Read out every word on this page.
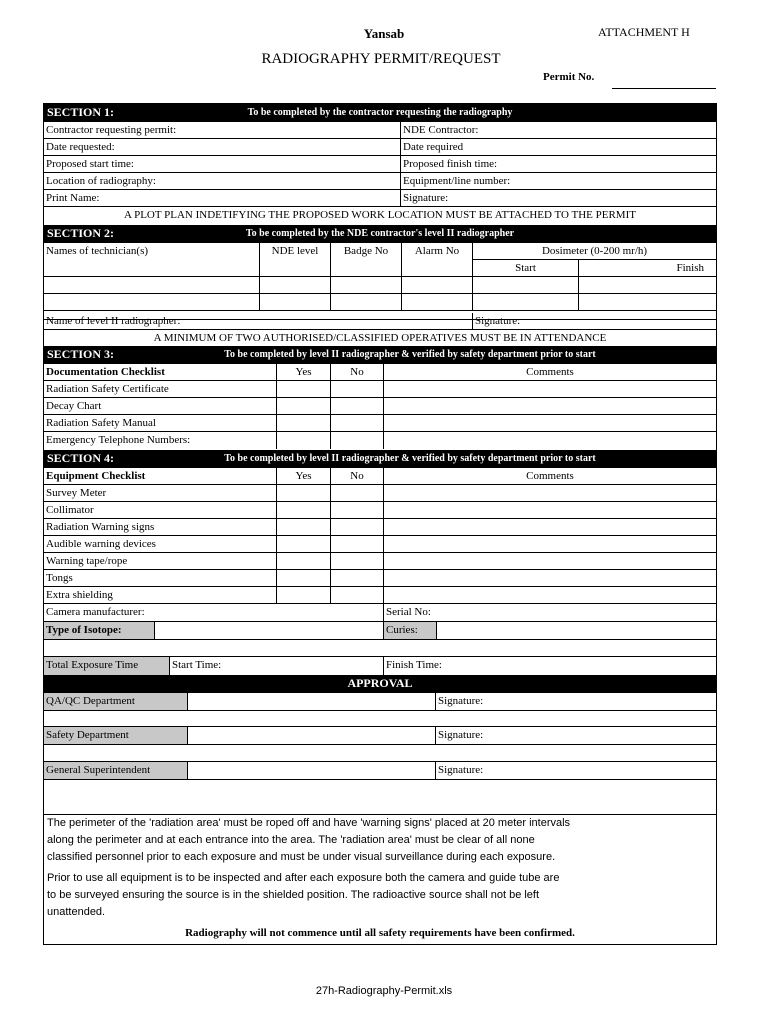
Yansab	ATTACHMENT H
RADIOGRAPHY PERMIT/REQUEST
Permit No.
To be completed by the contractor requesting the radiography
SECTION 1:
Contractor requesting permit:	NDE Contractor:
Date requested:	Date required
Proposed start time:	Proposed finish time:
Location of radiography:	Equipment/line number:
Print Name:	Signature:
A PLOT PLAN INDETIFYING THE PROPOSED WORK LOCATION MUST BE ATTACHED TO THE PERMIT
To be completed by the NDE contractor's level II radiographer
SECTION 2:
Names of technician(s)	NDE level	Badge No	Alarm No	Dosimeter (0-200 mr/h)
Start	Finish
Name of level II radiographer:	Signature:
A MINIMUM OF TWO AUTHORISED/CLASSIFIED OPERATIVES MUST BE IN ATTENDANCE
To be completed by level II radiographer & verified by safety department prior to start
SECTION 3:
Documentation Checklist	Yes	No	Comments
Radiation Safety Certificate
Decay Chart
Radiation Safety Manual
Emergency Telephone Numbers:
To be completed by level II radiographer & verified by safety department prior to start
SECTION 4:
Equipment Checklist	Yes	No	Comments
Survey Meter
Collimator
Radiation Warning signs
Audible warning devices
Warning tape/rope
Tongs
Extra shielding
Camera manufacturer:	Serial No:
Type of Isotope:	Curies:
Total Exposure Time	Start Time:	Finish Time:
APPROVAL
QA/QC Department	Signature:
Safety Department	Signature:
General Superintendent	Signature:
The perimeter of the 'radiation area' must be roped off and have 'warning signs' placed at 20 meter intervals
along the perimeter and at each entrance into the area. The 'radiation area' must be clear of all none
classified personnel prior to each exposure and must be under visual surveillance during each exposure.
Prior to use all equipment is to be inspected and after each exposure both the camera and guide tube are
to be surveyed ensuring the source is in the shielded position. The radioactive source shall not be left
unattended.
Radiography will not commence until all safety requirements have been confirmed.
27h-Radiography-Permit.xls
